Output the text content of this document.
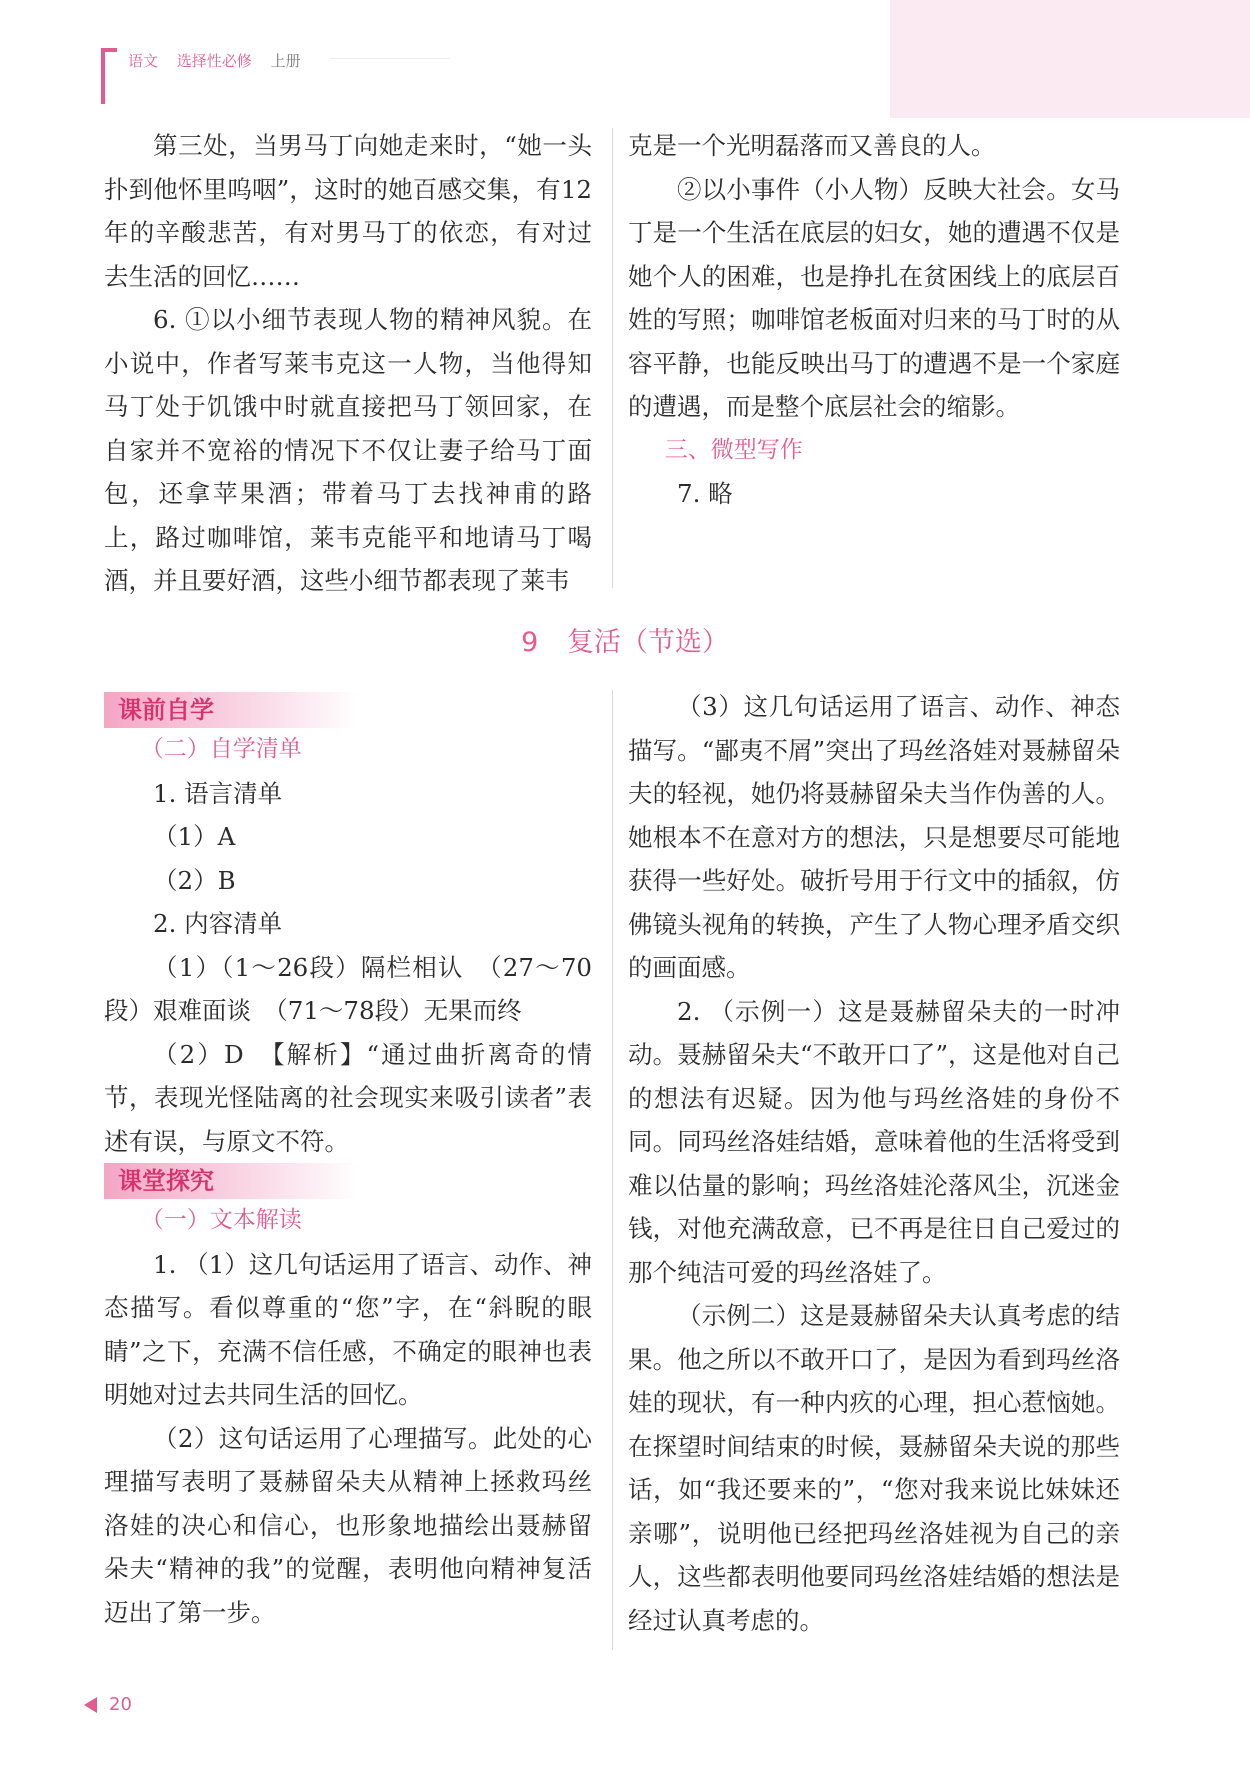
语文 选择性必修 上册

第三处，当男马丁向她走来时，“她一头扑到他怀里呜咽”，这时的她百感交集，有12年的辛酸悲苦，有对男马丁的依恋，有对过去生活的回忆……

6. ①以小细节表现人物的精神风貌。在小说中，作者写莱韦克这一人物，当他得知马丁处于饥饿中时就直接把马丁领回家，在自家并不宽裕的情况下不仅让妻子给马丁面包，还拿苹果酒；带着马丁去找神甫的路上，路过咖啡馆，莱韦克能平和地请马丁喝酒，并且要好酒，这些小细节都表现了莱韦

克是一个光明磊落而又善良的人。

②以小事件（小人物）反映大社会。女马丁是一个生活在底层的妇女，她的遭遇不仅是她个人的困难，也是挣扎在贫困线上的底层百姓的写照；咖啡馆老板面对归来的马丁时的从容平静，也能反映出马丁的遭遇不是一个家庭的遭遇，而是整个底层社会的缩影。

三、微型写作

7. 略

9 复活（节选）

课前自学

（二）自学清单

1. 语言清单

（1）A

（2）B

2. 内容清单

（1）（1～26段）隔栏相认　（27～70段）艰难面谈　（71～78段）无果而终

（2）D　【解析】“通过曲折离奇的情节，表现光怪陆离的社会现实来吸引读者”表述有误，与原文不符。

课堂探究

（一）文本解读

1. （1）这几句话运用了语言、动作、神态描写。看似尊重的“您”字，在“斜睨的眼睛”之下，充满不信任感，不确定的眼神也表明她对过去共同生活的回忆。

（2）这句话运用了心理描写。此处的心理描写表明了聂赫留朵夫从精神上拯救玛丝洛娃的决心和信心，也形象地描绘出聂赫留朵夫“精神的我”的觉醒，表明他向精神复活迈出了第一步。

（3）这几句话运用了语言、动作、神态描写。“鄙夷不屑”突出了玛丝洛娃对聂赫留朵夫的轻视，她仍将聂赫留朵夫当作伪善的人。她根本不在意对方的想法，只是想要尽可能地获得一些好处。破折号用于行文中的插叙，仿佛镜头视角的转换，产生了人物心理矛盾交织的画面感。

2. （示例一）这是聂赫留朵夫的一时冲动。聂赫留朵夫“不敢开口了”，这是他对自己的想法有迟疑。因为他与玛丝洛娃的身份不同。同玛丝洛娃结婚，意味着他的生活将受到难以估量的影响；玛丝洛娃沦落风尘，沉迷金钱，对他充满敌意，已不再是往日自己爱过的那个纯洁可爱的玛丝洛娃了。

（示例二）这是聂赫留朵夫认真考虑的结果。他之所以不敢开口了，是因为看到玛丝洛娃的现状，有一种内疚的心理，担心惹恼她。在探望时间结束的时候，聂赫留朵夫说的那些话，如“我还要来的”，“您对我来说比妹妹还亲哪”，说明他已经把玛丝洛娃视为自己的亲人，这些都表明他要同玛丝洛娃结婚的想法是经过认真考虑的。

20
